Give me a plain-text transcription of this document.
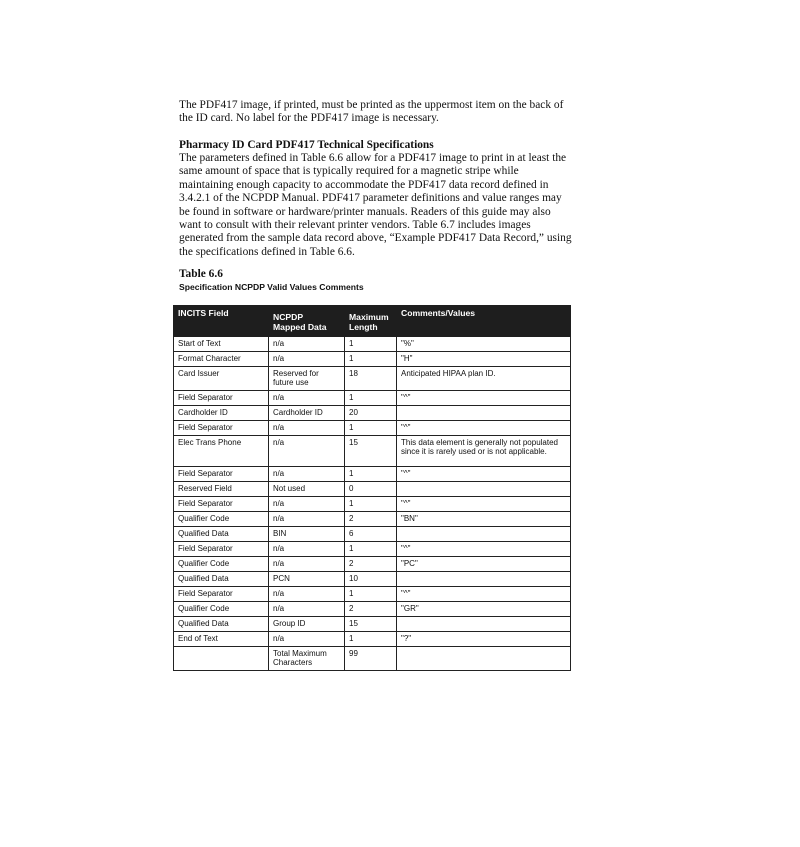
The PDF417 image, if printed, must be printed as the uppermost item on the back of the ID card. No label for the PDF417 image is necessary.
Pharmacy ID Card PDF417 Technical Specifications
The parameters defined in Table 6.6 allow for a PDF417 image to print in at least the same amount of space that is typically required for a magnetic stripe while maintaining enough capacity to accommodate the PDF417 data record defined in 3.4.2.1 of the NCPDP Manual. PDF417 parameter definitions and value ranges may be found in software or hardware/printer manuals. Readers of this guide may also want to consult with their relevant printer vendors. Table 6.7 includes images generated from the sample data record above, “Example PDF417 Data Record,” using the specifications defined in Table 6.6.
Table 6.6
Specification NCPDP Valid Values Comments
INCITS Field	NCPDP Mapped Data	Maximum Length	Comments/Values
Start of Text	n/a	1	"%"
Format Character	n/a	1	"H"
Card Issuer	Reserved for future use	18	Anticipated HIPAA plan ID.
Field Separator	n/a	1	"^"
Cardholder ID	Cardholder ID	20	
Field Separator	n/a	1	"^"
Elec Trans Phone	n/a	15	This data element is generally not populated since it is rarely used or is not applicable.
Field Separator	n/a	1	"^"
Reserved Field	Not used	0	
Field Separator	n/a	1	"^"
Qualifier Code	n/a	2	"BN"
Qualified Data	BIN	6	
Field Separator	n/a	1	"^"
Qualifier Code	n/a	2	"PC"
Qualified Data	PCN	10	
Field Separator	n/a	1	"^"
Qualifier Code	n/a	2	"GR"
Qualified Data	Group ID	15	
End of Text	n/a	1	"?"
	Total Maximum Characters	99	
